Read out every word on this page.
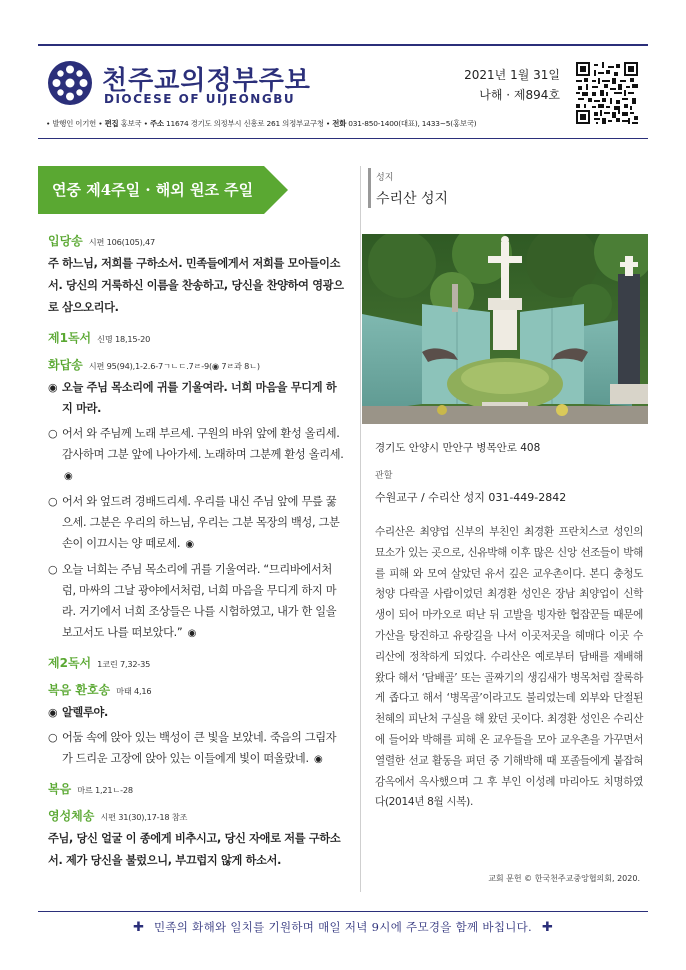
천주교의정부주보
DIOCESE OF UIJEONGBU
2021년 1월 31일
나해 · 제894호
• 발행인 이기헌 • 편집 홍보국 • 주소 11674 경기도 의정부시 신흥로 261 의정부교구청 • 전화 031-850-1400(대표), 1433~5(홍보국)
연중 제4주일 · 해외 원조 주일
입당송 시편 106(105),47
주 하느님, 저희를 구하소서. 민족들에게서 저희를 모아들이소서. 당신의 거룩하신 이름을 찬송하고, 당신을 찬양하여 영광으로 삼으오리다.
제1독서 신명 18,15-20
화답송 시편 95(94),1-2.6-7ㄱㄴㄷ.7ㄹ-9(◉ 7ㄹ과 8ㄴ)
◉ 오늘 주님 목소리에 귀를 기울여라. 너희 마음을 무디게 하지 마라.
○ 어서 와 주님께 노래 부르세. 구원의 바위 앞에 환성 올리세. 감사하며 그분 앞에 나아가세. 노래하며 그분께 환성 올리세. ◉
○ 어서 와 엎드려 경배드리세. 우리를 내신 주님 앞에 무릎 꿇으세. 그분은 우리의 하느님, 우리는 그분 목장의 백성, 그분 손이 이끄시는 양 떼로세. ◉
○ 오늘 너희는 주님 목소리에 귀를 기울여라. “므리바에서처럼, 마싸의 그날 광야에서처럼, 너희 마음을 무디게 하지 마라. 거기에서 너희 조상들은 나를 시험하였고, 내가 한 일을 보고서도 나를 떠보았다.” ◉
제2독서 1코린 7,32-35
복음 환호송 마태 4,16
◉ 알렐루야.
○ 어둠 속에 앉아 있는 백성이 큰 빛을 보았네. 죽음의 그림자가 드리운 고장에 앉아 있는 이들에게 빛이 떠올랐네. ◉
복음 마르 1,21ㄴ-28
영성체송 시편 31(30),17-18 참조
주님, 당신 얼굴 이 종에게 비추시고, 당신 자애로 저를 구하소서. 제가 당신을 불렀으니, 부끄럽지 않게 하소서.
성지
수리산 성지
경기도 안양시 만안구 병목안로 408
관할
수원교구 / 수리산 성지 031-449-2842
수리산은 최양업 신부의 부친인 최경환 프란치스코 성인의 묘소가 있는 곳으로, 신유박해 이후 많은 신앙 선조들이 박해를 피해 와 모여 살았던 유서 깊은 교우촌이다. 본디 충청도 청양 다락골 사람이었던 최경환 성인은 장남 최양업이 신학생이 되어 마카오로 떠난 뒤 고발을 빙자한 협잡꾼들 때문에 가산을 탕진하고 유랑길을 나서 이곳저곳을 헤매다 이곳 수리산에 정착하게 되었다. 수리산은 예로부터 담배를 재배해 왔다 해서 ‘담배골’ 또는 골짜기의 생김새가 병목처럼 잘록하게 좁다고 해서 ‘병목골’이라고도 불리었는데 외부와 단절된 천혜의 피난처 구실을 해 왔던 곳이다. 최경환 성인은 수리산에 들어와 박해를 피해 온 교우들을 모아 교우촌을 가꾸면서 열렬한 선교 활동을 펴던 중 기해박해 때 포졸들에게 붙잡혀 감옥에서 옥사했으며 그 후 부인 이성례 마리아도 치명하였다(2014년 8월 시복).
교회 문헌 © 한국천주교중앙협의회, 2020.
✚ 민족의 화해와 일치를 기원하며 매일 저녁 9시에 주모경을 함께 바칩니다. ✚
